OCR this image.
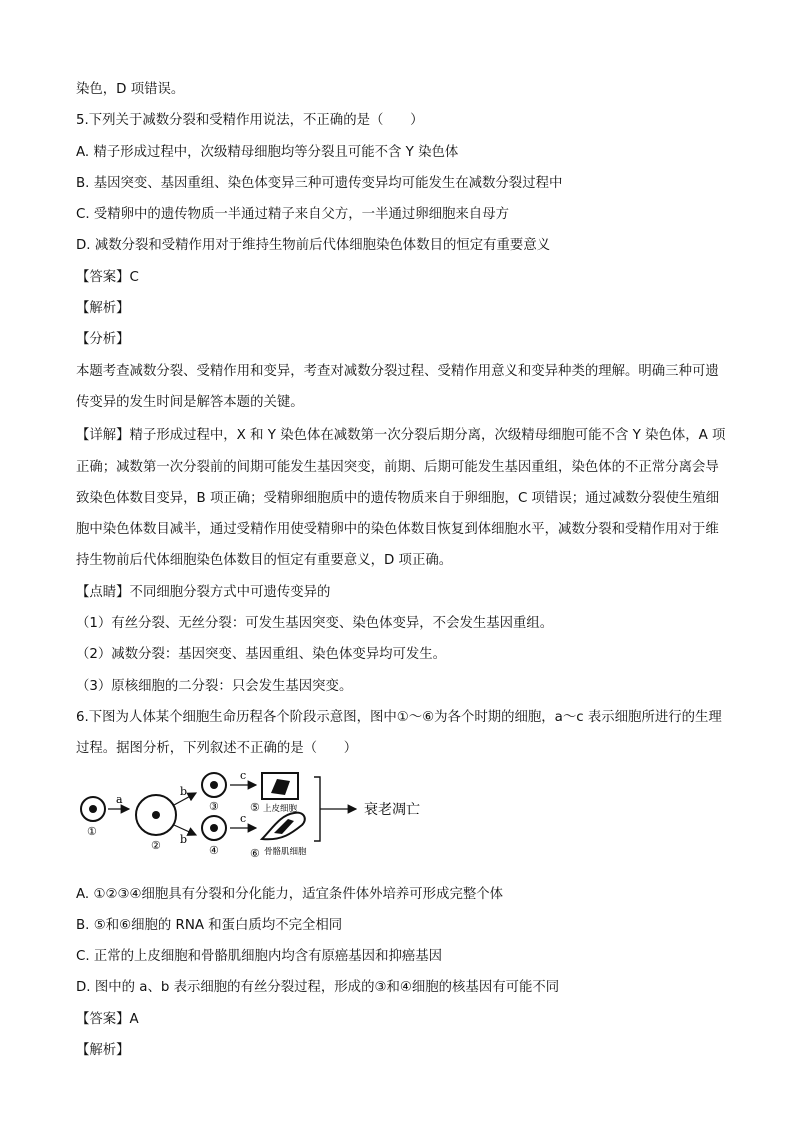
染色，D 项错误。
5.下列关于减数分裂和受精作用说法，不正确的是（　　）
A. 精子形成过程中，次级精母细胞均等分裂且可能不含 Y 染色体
B. 基因突变、基因重组、染色体变异三种可遗传变异均可能发生在减数分裂过程中
C. 受精卵中的遗传物质一半通过精子来自父方，一半通过卵细胞来自母方
D. 减数分裂和受精作用对于维持生物前后代体细胞染色体数目的恒定有重要意义
【答案】C
【解析】
【分析】
本题考查减数分裂、受精作用和变异，考查对减数分裂过程、受精作用意义和变异种类的理解。明确三种可遗传变异的发生时间是解答本题的关键。
【详解】精子形成过程中，X 和 Y 染色体在减数第一次分裂后期分离，次级精母细胞可能不含 Y 染色体，A 项正确；减数第一次分裂前的间期可能发生基因突变，前期、后期可能发生基因重组，染色体的不正常分离会导致染色体数目变异，B 项正确；受精卵细胞质中的遗传物质来自于卵细胞，C 项错误；通过减数分裂使生殖细胞中染色体数目减半，通过受精作用使受精卵中的染色体数目恢复到体细胞水平，减数分裂和受精作用对于维持生物前后代体细胞染色体数目的恒定有重要意义，D 项正确。
【点睛】不同细胞分裂方式中可遗传变异的
（1）有丝分裂、无丝分裂：可发生基因突变、染色体变异，不会发生基因重组。
（2）减数分裂：基因突变、基因重组、染色体变异均可发生。
（3）原核细胞的二分裂：只会发生基因突变。
6.下图为人体某个细胞生命历程各个阶段示意图，图中①～⑥为各个时期的细胞，a～c 表示细胞所进行的生理过程。据图分析，下列叙述不正确的是（　　）
①
a
②
b
b
③
④
c
c
⑤ 上皮细胞
⑥ 骨骼肌细胞
衰老凋亡
A. ①②③④细胞具有分裂和分化能力，适宜条件体外培养可形成完整个体
B. ⑤和⑥细胞的 RNA 和蛋白质均不完全相同
C. 正常的上皮细胞和骨骼肌细胞内均含有原癌基因和抑癌基因
D. 图中的 a、b 表示细胞的有丝分裂过程，形成的③和④细胞的核基因有可能不同
【答案】A
【解析】
